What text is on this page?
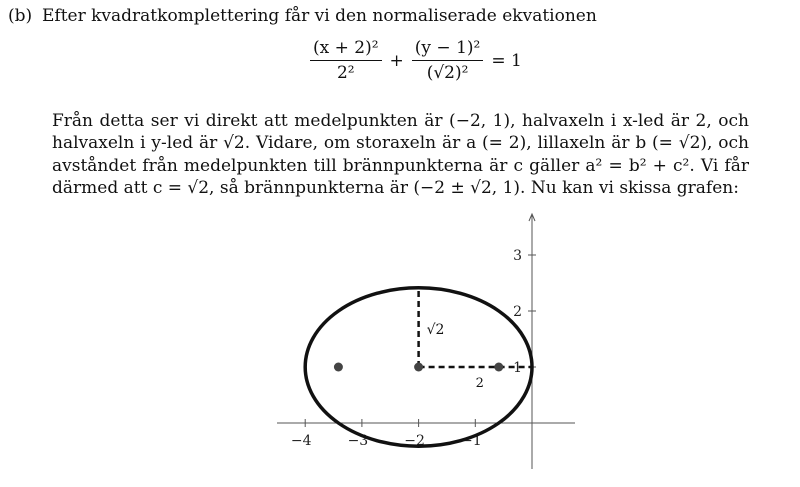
(b) Efter kvadratkomplettering får vi den normaliserade ekvationen
$\frac{\text{(x + 2)²}}{\text{2²}} + \frac{\text{(y − 1)²}}{\text{(√2)²}} = 1$
Från detta ser vi direkt att medelpunkten är (−2, 1), halvaxeln i x-led är 2, och
halvaxeln i y-led är √2. Vidare, om storaxeln är a (= 2), lillaxeln är b (= √2), och
avståndet från medelpunkten till brännpunkterna är c gäller a² = b² + c². Vi får
därmed att c = √2, så brännpunkterna är (−2 ± √2, 1). Nu kan vi skissa grafen:
−4	−3	−2	−1
1
2
3
√2
2
